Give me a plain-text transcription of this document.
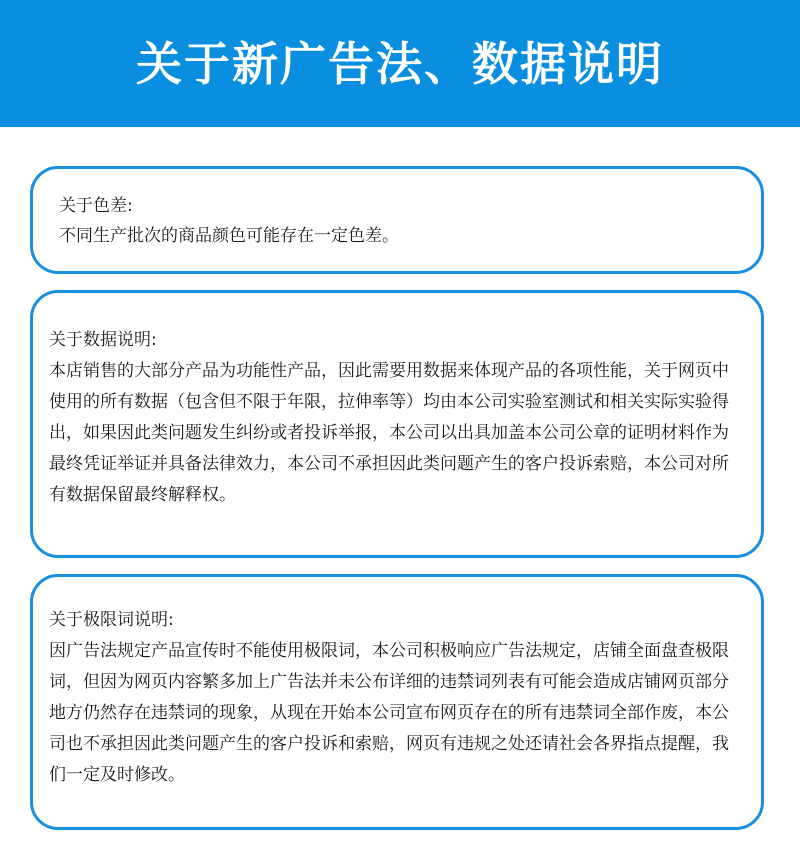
关于新广告法、数据说明
关于色差:
不同生产批次的商品颜色可能存在一定色差。
关于数据说明:
本店销售的大部分产品为功能性产品，因此需要用数据来体现产品的各项性能，关于网页中使用的所有数据（包含但不限于年限，拉伸率等）均由本公司实验室测试和相关实际实验得出，如果因此类问题发生纠纷或者投诉举报，本公司以出具加盖本公司公章的证明材料作为最终凭证举证并具备法律效力，本公司不承担因此类问题产生的客户投诉索赔，本公司对所有数据保留最终解释权。
关于极限词说明:
因广告法规定产品宣传时不能使用极限词，本公司积极响应广告法规定，店铺全面盘查极限词，但因为网页内容繁多加上广告法并未公布详细的违禁词列表有可能会造成店铺网页部分地方仍然存在违禁词的现象，从现在开始本公司宣布网页存在的所有违禁词全部作废，本公司也不承担因此类问题产生的客户投诉和索赔，网页有违规之处还请社会各界指点提醒，我们一定及时修改。
